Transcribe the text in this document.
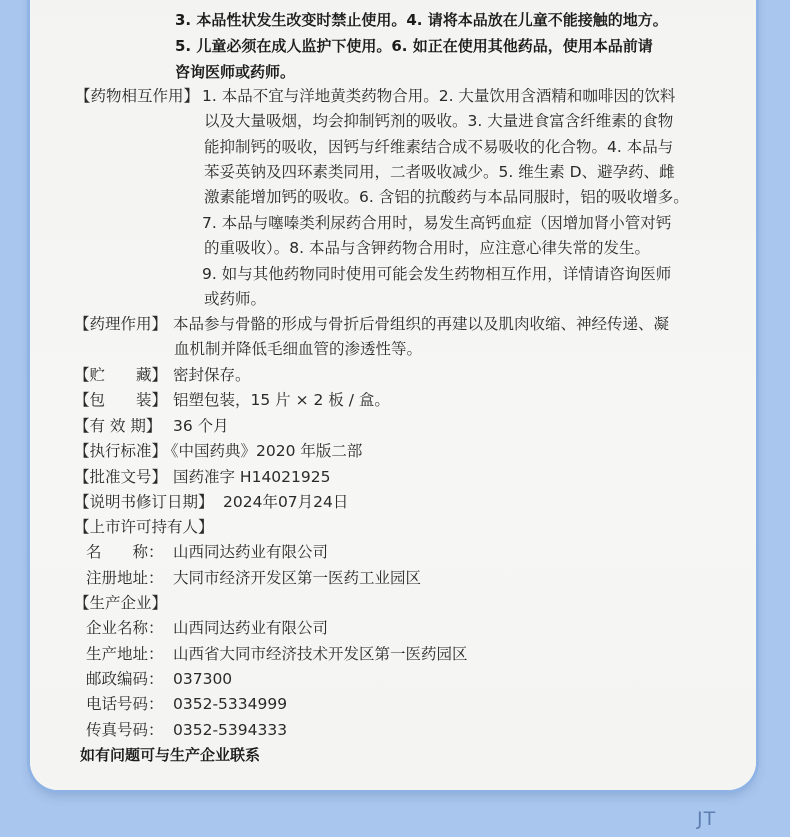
3. 本品性状发生改变时禁止使用。4. 请将本品放在儿童不能接触的地方。
5. 儿童必须在成人监护下使用。6. 如正在使用其他药品，使用本品前请
咨询医师或药师。
【药物相互作用】 1. 本品不宜与洋地黄类药物合用。2. 大量饮用含酒精和咖啡因的饮料
以及大量吸烟，均会抑制钙剂的吸收。3. 大量进食富含纤维素的食物
能抑制钙的吸收，因钙与纤维素结合成不易吸收的化合物。4. 本品与
苯妥英钠及四环素类同用，二者吸收减少。5. 维生素 D、避孕药、雌
激素能增加钙的吸收。6. 含铝的抗酸药与本品同服时，铝的吸收增多。
7. 本品与噻嗪类利尿药合用时，易发生高钙血症（因增加肾小管对钙
的重吸收）。8. 本品与含钾药物合用时，应注意心律失常的发生。
9. 如与其他药物同时使用可能会发生药物相互作用，详情请咨询医师
或药师。
【药理作用】 本品参与骨骼的形成与骨折后骨组织的再建以及肌肉收缩、神经传递、凝
血机制并降低毛细血管的渗透性等。
【贮　　藏】 密封保存。
【包　　装】 铝塑包装，15 片 × 2 板 / 盒。
【有 效 期】 36 个月
【执行标准】
《中国药典》2020 年版二部
【批准文号】 国药准字 H14021925
【说明书修订日期】 2024年07月24日
【上市许可持有人】
名　　称： 山西同达药业有限公司
注册地址： 大同市经济开发区第一医药工业园区
【生产企业】
企业名称： 山西同达药业有限公司
生产地址： 山西省大同市经济技术开发区第一医药园区
邮政编码： 037300
电话号码： 0352-5334999
传真号码： 0352-5394333
如有问题可与生产企业联系
JT
